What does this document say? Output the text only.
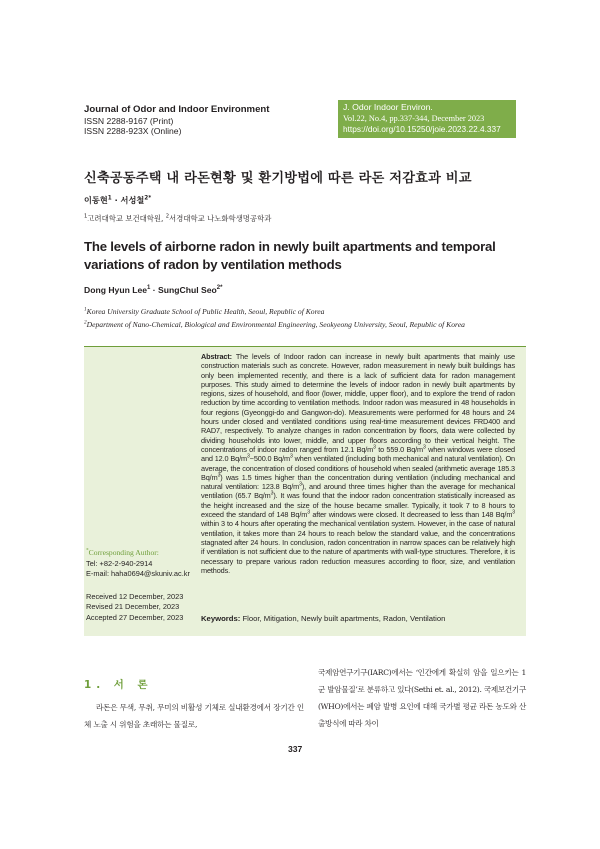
Journal of Odor and Indoor Environment
ISSN 2288-9167 (Print)
ISSN 2288-923X (Online)
J. Odor Indoor Environ.
Vol.22, No.4, pp.337-344, December 2023
https://doi.org/10.15250/joie.2023.22.4.337
신축공동주택 내 라돈현황 및 환기방법에 따른 라돈 저감효과 비교
이동현$^1$ · 서성철$^{2*}$
$^1$고려대학교 보건대학원, $^2$서경대학교 나노화학생명공학과
The levels of airborne radon in newly built apartments and temporal variations of radon by ventilation methods
Dong Hyun Lee$^1$ · SungChul Seo$^{2*}$
$^1$Korea University Graduate School of Public Health, Seoul, Republic of Korea
$^2$Department of Nano-Chemical, Biological and Environmental Engineering, Seokyeong University, Seoul, Republic of Korea
*Corresponding Author:
Tel: +82-2-940-2914
E-mail: haha0694@skuniv.ac.kr
Received 12 December, 2023
Revised 21 December, 2023
Accepted 27 December, 2023
Abstract: The levels of Indoor radon can increase in newly built apartments that mainly use construction materials such as concrete. However, radon measurement in newly built buildings has only been implemented recently, and there is a lack of sufficient data for radon management purposes. This study aimed to determine the levels of indoor radon in newly built apartments by regions, sizes of household, and floor (lower, middle, upper floor), and to explore the trend of radon reduction by time according to ventilation methods. Indoor radon was measured in 48 households in four regions (Gyeonggi-do and Gangwon-do). Measurements were performed for 48 hours and 24 hours under closed and ventilated conditions using real-time measurement devices FRD400 and RAD7, respectively. To analyze changes in radon concentration by floors, data were collected by dividing households into lower, middle, and upper floors according to their vertical height. The concentrations of indoor radon ranged from 12.1 $Bq/m^3$ to 559.0 $Bq/m^3$ when windows were closed and 12.0 $Bq/m^3\sim 500.0$ $Bq/m^3$ when ventilated (including both mechanical and natural ventilation). On average, the concentration of closed conditions of household when sealed (arithmetic average 185.3 $Bq/m^3$) was 1.5 times higher than the concentration during ventilation (including mechanical and natural ventilation: 123.8 $Bq/m^3$), and around three times higher than the average for mechanical ventilation (65.7 $Bq/m^3$). It was found that the indoor radon concentration statistically increased as the height increased and the size of the house became smaller. Typically, it took 7 to 8 hours to exceed the standard of 148 $Bq/m^3$ after windows were closed. It decreased to less than 148 $Bq/m^3$ within 3 to 4 hours after operating the mechanical ventilation system. However, in the case of natural ventilation, it takes more than 24 hours to reach below the standard value, and the concentrations stagnated after 24 hours. In conclusion, radon concentration in narrow spaces can be relatively high if ventilation is not sufficient due to the nature of apartments with wall-type structures. Therefore, it is necessary to prepare various radon reduction measures according to floor, size, and ventilation methods.
Keywords: Floor, Mitigation, Newly built apartments, Radon, Ventilation
1. 서 론

라돈은 무색, 무취, 무미의 비활성 기체로 실내환경에서 장기간 인체 노출 시 위험을 초래하는 물질로,

국제암연구기구(IARC)에서는 ‘인간에게 확실히 암을 일으키는 1군 발암물질’로 분류하고 있다(Sethi et. al., 2012). 국제보건기구(WHO)에서는 폐암 발병 요인에 대해 국가별 평균 라돈 농도와 산출방식에 따라 차이

337
